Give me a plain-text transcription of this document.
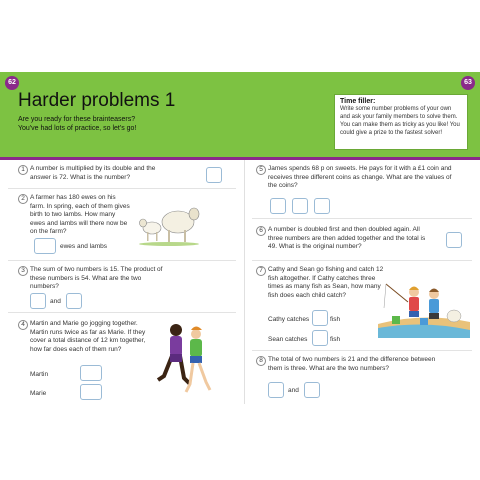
62	63
Harder problems 1
Are you ready for these brainteasers? You've had lots of practice, so let's go!
Time filler:
Write some number problems of your own and ask your family members to solve them. You can make them as tricky as you like! You could give a prize to the fastest solver!
1 A number is multiplied by its double and the answer is 72. What is the number?
2 A farmer has 180 ewes on his farm. In spring, each of them gives birth to two lambs. How many ewes and lambs will there now be on the farm?
ewes and lambs
3 The sum of two numbers is 15. The product of these numbers is 54. What are the two numbers?
and
4 Martin and Marie go jogging together. Martin runs twice as far as Marie. If they cover a total distance of 12 km together, how far does each of them run?
Martin
Marie
5 James spends 68 p on sweets. He pays for it with a £1 coin and receives three different coins as change. What are the values of the coins?
6 A number is doubled first and then doubled again. All three numbers are then added together and the total is 49. What is the original number?
7 Cathy and Sean go fishing and catch 12 fish altogether. If Cathy catches three times as many fish as Sean, how many fish does each child catch?
Cathy catches	fish
Sean catches	fish
8 The total of two numbers is 21 and the difference between them is three. What are the two numbers?
and
